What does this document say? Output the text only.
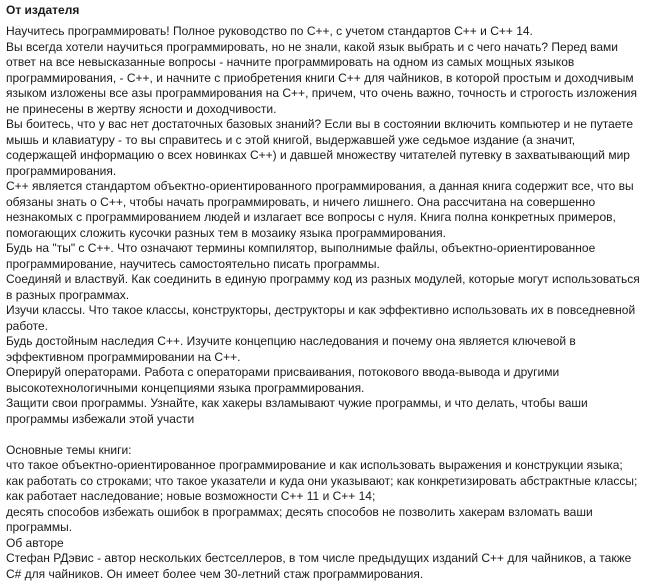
От издателя

Научитесь программировать! Полное руководство по С++, с учетом стандартов С++ и С++ 14.

Вы всегда хотели научиться программировать, но не знали, какой язык выбрать и с чего начать? Перед вами ответ на все невысказанные вопросы - начните программировать на одном из самых мощных языков программирования, - С++, и начните с приобретения книги С++ для чайников, в которой простым и доходчивым языком изложены все азы программирования на С++, причем, что очень важно, точность и строгость изложения не принесены в жертву ясности и доходчивости.

Вы боитесь, что у вас нет достаточных базовых знаний? Если вы в состоянии включить компьютер и не путаете мышь и клавиатуру - то вы справитесь и с этой книгой, выдержавшей уже седьмое издание (а значит, содержащей информацию о всех новинках С++) и давшей множеству читателей путевку в захватывающий мир программирования.

С++ является стандартом объектно-ориентированного программирования, а данная книга содержит все, что вы обязаны знать о С++, чтобы начать программировать, и ничего лишнего. Она рассчитана на совершенно незнакомых с программированием людей и излагает все вопросы с нуля. Книга полна конкретных примеров, помогающих сложить кусочки разных тем в мозаику языка программирования.

Будь на "ты" с С++. Что означают термины компилятор, выполнимые файлы, объектно-ориентированное программирование, научитесь самостоятельно писать программы.

Соединяй и властвуй. Как соединить в единую программу код из разных модулей, которые могут использоваться в разных программах.

Изучи классы. Что такое классы, конструкторы, деструкторы и как эффективно использовать их в повседневной работе.

Будь достойным наследия С++. Изучите концепцию наследования и почему она является ключевой в эффективном программировании на С++.

Оперируй операторами. Работа с операторами присваивания, потокового ввода-вывода и другими высокотехнологичными концепциями языка программирования.

Защити свои программы. Узнайте, как хакеры взламывают чужие программы, и что делать, чтобы ваши программы избежали этой участи

Основные темы книги:

что такое объектно-ориентированное программирование и как использовать выражения и конструкции языка;

как работать со строками; что такое указатели и куда они указывают; как конкретизировать абстрактные классы;

как работает наследование; новые возможности С++ 11 и С++ 14;

десять способов избежать ошибок в программах; десять способов не позволить хакерам взломать ваши программы.

Об авторе

Стефан РДэвис - автор нескольких бестселлеров, в том числе предыдущих изданий С++ для чайников, а также C# для чайников. Он имеет более чем 30-летний стаж программирования.
